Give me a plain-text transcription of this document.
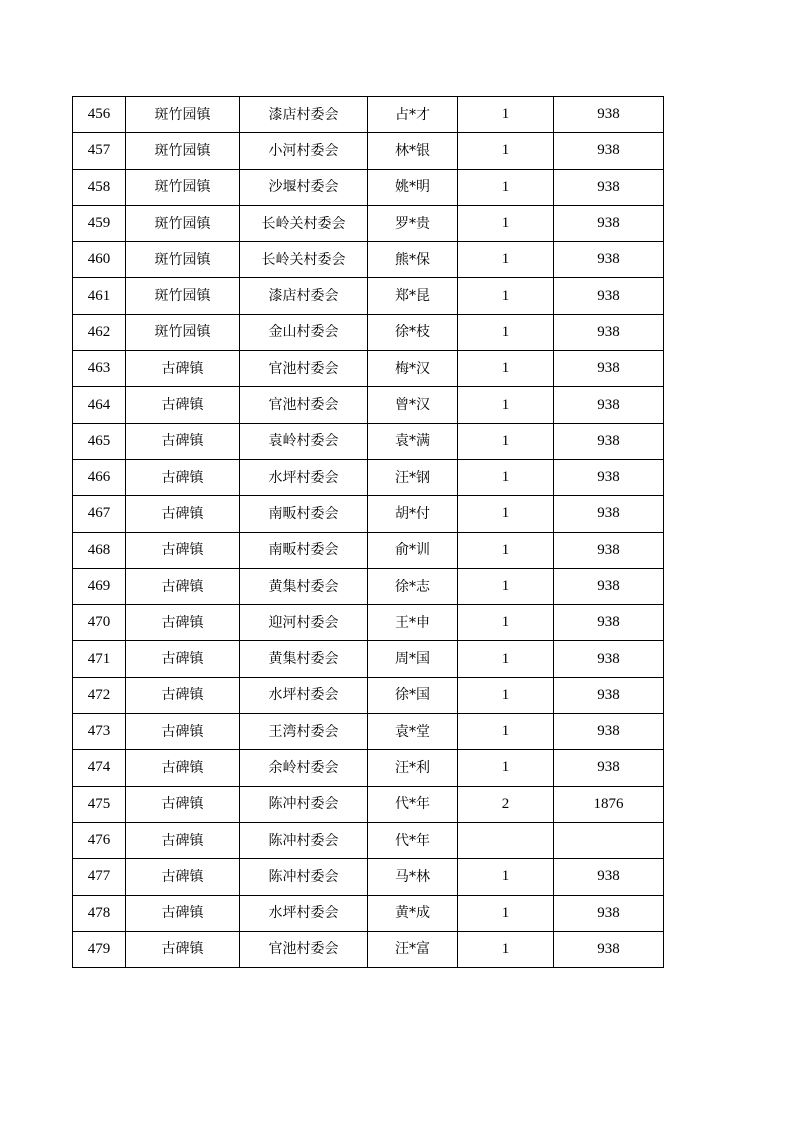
456	斑竹园镇	漆店村委会	占*才	1	938
457	斑竹园镇	小河村委会	林*银	1	938
458	斑竹园镇	沙堰村委会	姚*明	1	938
459	斑竹园镇	长岭关村委会	罗*贵	1	938
460	斑竹园镇	长岭关村委会	熊*保	1	938
461	斑竹园镇	漆店村委会	郑*昆	1	938
462	斑竹园镇	金山村委会	徐*枝	1	938
463	古碑镇	官池村委会	梅*汉	1	938
464	古碑镇	官池村委会	曾*汉	1	938
465	古碑镇	袁岭村委会	袁*满	1	938
466	古碑镇	水坪村委会	汪*钢	1	938
467	古碑镇	南畈村委会	胡*付	1	938
468	古碑镇	南畈村委会	俞*训	1	938
469	古碑镇	黄集村委会	徐*志	1	938
470	古碑镇	迎河村委会	王*申	1	938
471	古碑镇	黄集村委会	周*国	1	938
472	古碑镇	水坪村委会	徐*国	1	938
473	古碑镇	王湾村委会	袁*堂	1	938
474	古碑镇	余岭村委会	汪*利	1	938
475	古碑镇	陈冲村委会	代*年	2	1876
476	古碑镇	陈冲村委会	代*年		
477	古碑镇	陈冲村委会	马*林	1	938
478	古碑镇	水坪村委会	黄*成	1	938
479	古碑镇	官池村委会	汪*富	1	938
